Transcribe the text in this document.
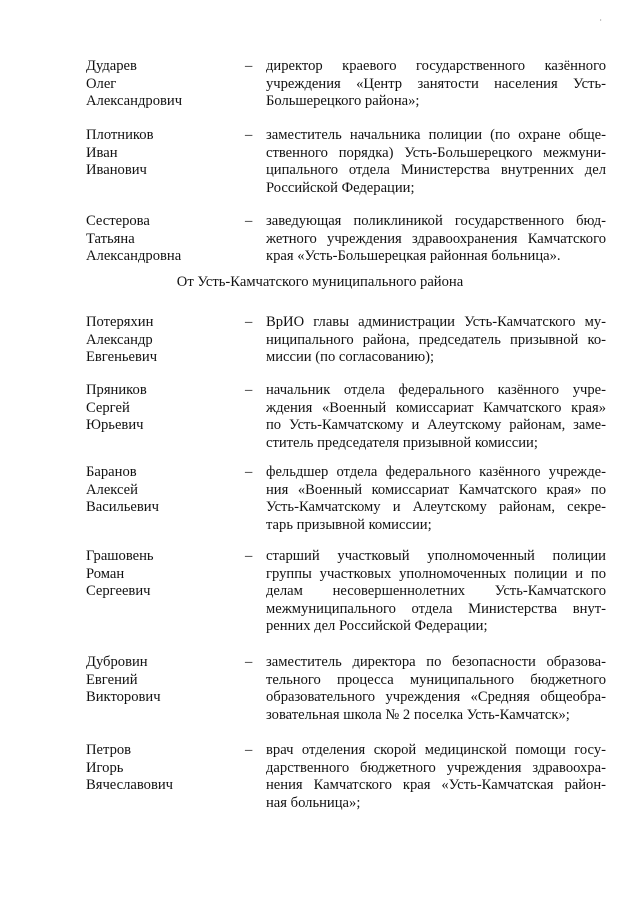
·
Дударев
Олег
Александрович
– директор краевого государственного казённого
учреждения «Центр занятости населения Усть-
Большерецкого района»;
Плотников
Иван
Иванович
– заместитель начальника полиции (по охране обще-
ственного порядка) Усть-Большерецкого межмуни-
ципального отдела Министерства внутренних дел
Российской Федерации;
Сестерова
Татьяна
Александровна
– заведующая поликлиникой государственного бюд-
жетного учреждения здравоохранения Камчатского
края «Усть-Большерецкая районная больница».
От Усть-Камчатского муниципального района
Потеряхин
Александр
Евгеньевич
– ВрИО главы администрации Усть-Камчатского му-
ниципального района, председатель призывной ко-
миссии (по согласованию);
Пряников
Сергей
Юрьевич
– начальник отдела федерального казённого учре-
ждения «Военный комиссариат Камчатского края»
по Усть-Камчатскому и Алеутскому районам, заме-
ститель председателя призывной комиссии;
Баранов
Алексей
Васильевич
– фельдшер отдела федерального казённого учрежде-
ния «Военный комиссариат Камчатского края» по
Усть-Камчатскому и Алеутскому районам, секре-
тарь призывной комиссии;
Грашовень
Роман
Сергеевич
– старший участковый уполномоченный полиции
группы участковых уполномоченных полиции и по
делам несовершеннолетних Усть-Камчатского
межмуниципального отдела Министерства внут-
ренних дел Российской Федерации;
Дубровин
Евгений
Викторович
– заместитель директора по безопасности образова-
тельного процесса муниципального бюджетного
образовательного учреждения «Средняя общеобра-
зовательная школа № 2 поселка Усть-Камчатск»;
Петров
Игорь
Вячеславович
– врач отделения скорой медицинской помощи госу-
дарственного бюджетного учреждения здравоохра-
нения Камчатского края «Усть-Камчатская район-
ная больница»;
